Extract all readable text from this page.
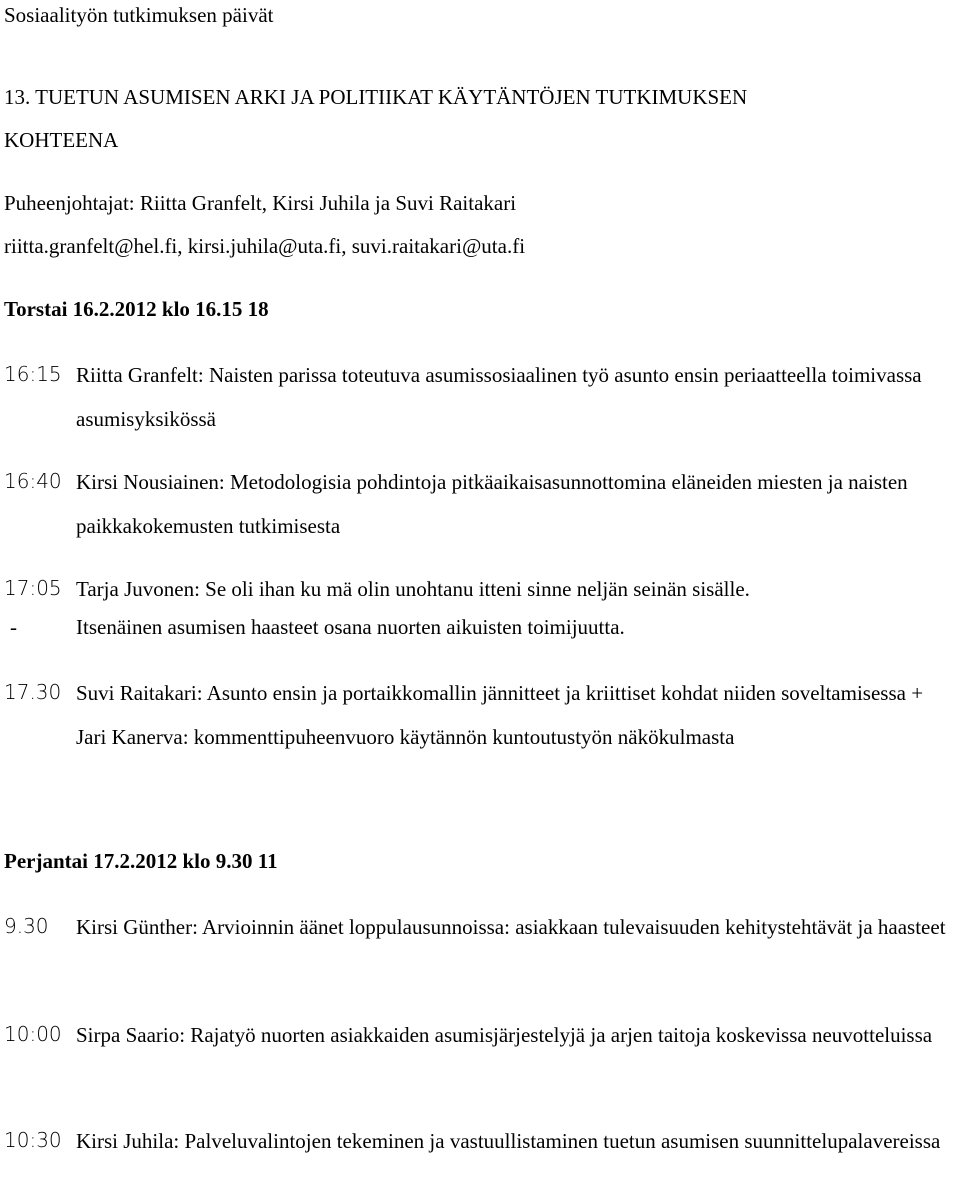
Sosiaalityön tutkimuksen päivät
13. TUETUN ASUMISEN ARKI JA POLITIIKAT KÄYTÄNTÖJEN TUTKIMUKSEN
KOHTEENA
Puheenjohtajat: Riitta Granfelt, Kirsi Juhila ja Suvi Raitakari
riitta.granfelt@hel.fi, kirsi.juhila@uta.fi, suvi.raitakari@uta.fi
Torstai 16.2.2012 klo 16.15 18
16:15 Riitta Granfelt: Naisten parissa toteutuva asumissosiaalinen työ asunto ensin periaatteella toimivassa asumisyksikössä
16:40 Kirsi Nousiainen: Metodologisia pohdintoja pitkäaikaisasunnottomina eläneiden miesten ja naisten paikkakokemusten tutkimisesta
17:05 Tarja Juvonen: Se oli ihan ku mä olin unohtanu itteni sinne neljän seinän sisälle.
-	Itsenäinen asumisen haasteet osana nuorten aikuisten toimijuutta.
17.30 Suvi Raitakari: Asunto ensin ja portaikkomallin jännitteet ja kriittiset kohdat niiden soveltamisessa + Jari Kanerva: kommenttipuheenvuoro käytännön kuntoutustyön näkökulmasta
Perjantai 17.2.2012 klo 9.30 11
9.30 Kirsi Günther: Arvioinnin äänet loppulausunnoissa: asiakkaan tulevaisuuden kehitystehtävät ja haasteet
10:00 Sirpa Saario: Rajatyö nuorten asiakkaiden asumisjärjestelyjä ja arjen taitoja koskevissa neuvotteluissa
10:30 Kirsi Juhila: Palveluvalintojen tekeminen ja vastuullistaminen tuetun asumisen suunnittelupalavereissa
